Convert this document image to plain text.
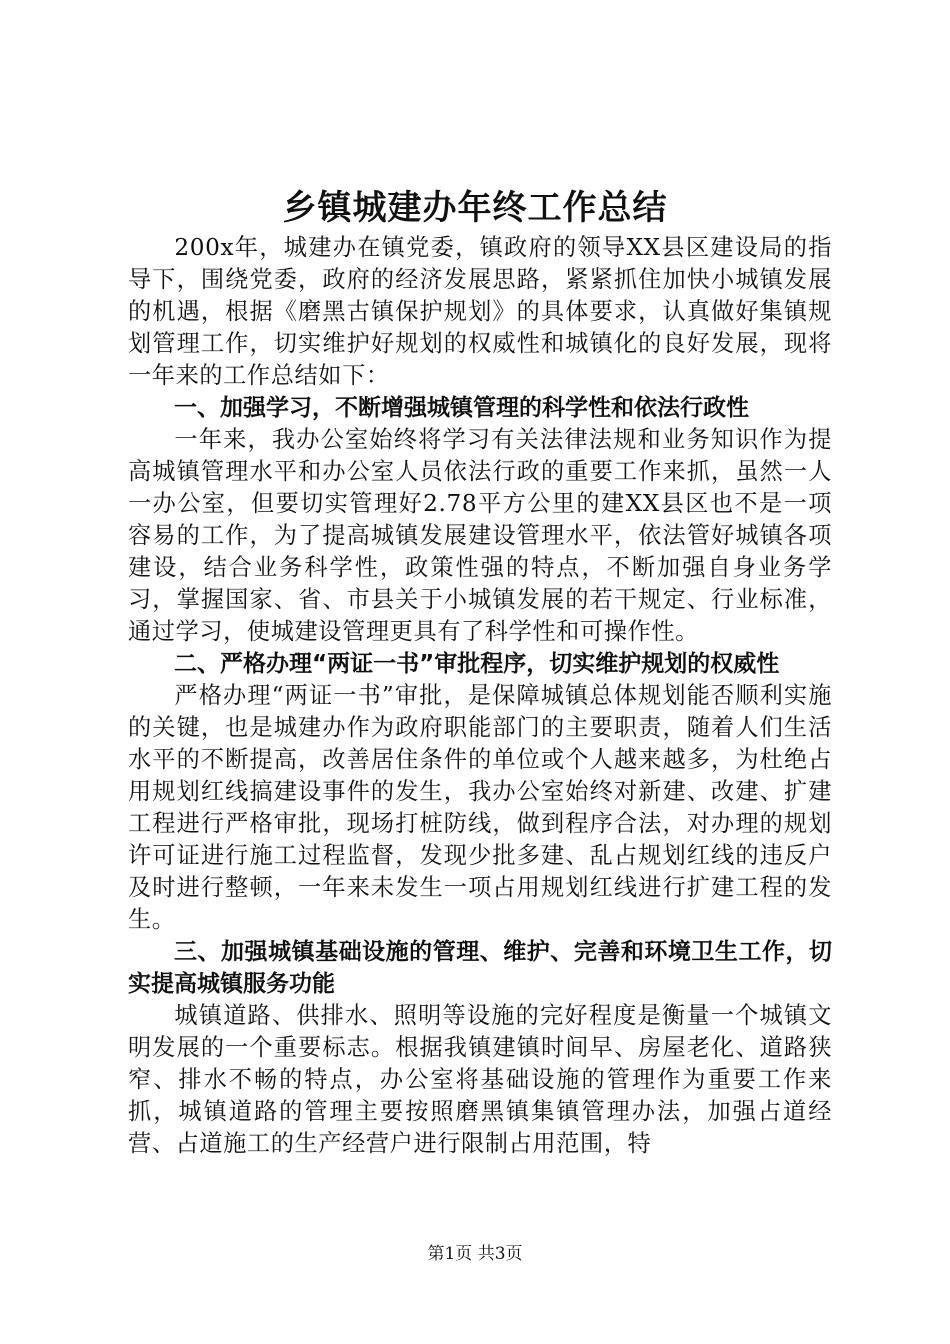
乡镇城建办年终工作总结

200x年，城建办在镇党委，镇政府的领导XX县区建设局的指导下，围绕党委，政府的经济发展思路，紧紧抓住加快小城镇发展的机遇，根据《磨黑古镇保护规划》的具体要求，认真做好集镇规划管理工作，切实维护好规划的权威性和城镇化的良好发展，现将一年来的工作总结如下：

一、加强学习，不断增强城镇管理的科学性和依法行政性

一年来，我办公室始终将学习有关法律法规和业务知识作为提高城镇管理水平和办公室人员依法行政的重要工作来抓，虽然一人一办公室，但要切实管理好2.78平方公里的建XX县区也不是一项容易的工作，为了提高城镇发展建设管理水平，依法管好城镇各项建设，结合业务科学性，政策性强的特点，不断加强自身业务学习，掌握国家、省、市县关于小城镇发展的若干规定、行业标准，通过学习，使城建设管理更具有了科学性和可操作性。

二、严格办理“两证一书”审批程序，切实维护规划的权威性

严格办理“两证一书”审批，是保障城镇总体规划能否顺利实施的关键，也是城建办作为政府职能部门的主要职责，随着人们生活水平的不断提高，改善居住条件的单位或个人越来越多，为杜绝占用规划红线搞建设事件的发生，我办公室始终对新建、改建、扩建工程进行严格审批，现场打桩防线，做到程序合法，对办理的规划许可证进行施工过程监督，发现少批多建、乱占规划红线的违反户及时进行整顿，一年来未发生一项占用规划红线进行扩建工程的发生。

三、加强城镇基础设施的管理、维护、完善和环境卫生工作，切实提高城镇服务功能

城镇道路、供排水、照明等设施的完好程度是衡量一个城镇文明发展的一个重要标志。根据我镇建镇时间早、房屋老化、道路狭窄、排水不畅的特点，办公室将基础设施的管理作为重要工作来抓，城镇道路的管理主要按照磨黑镇集镇管理办法，加强占道经营、占道施工的生产经营户进行限制占用范围，特

第1页 共3页
